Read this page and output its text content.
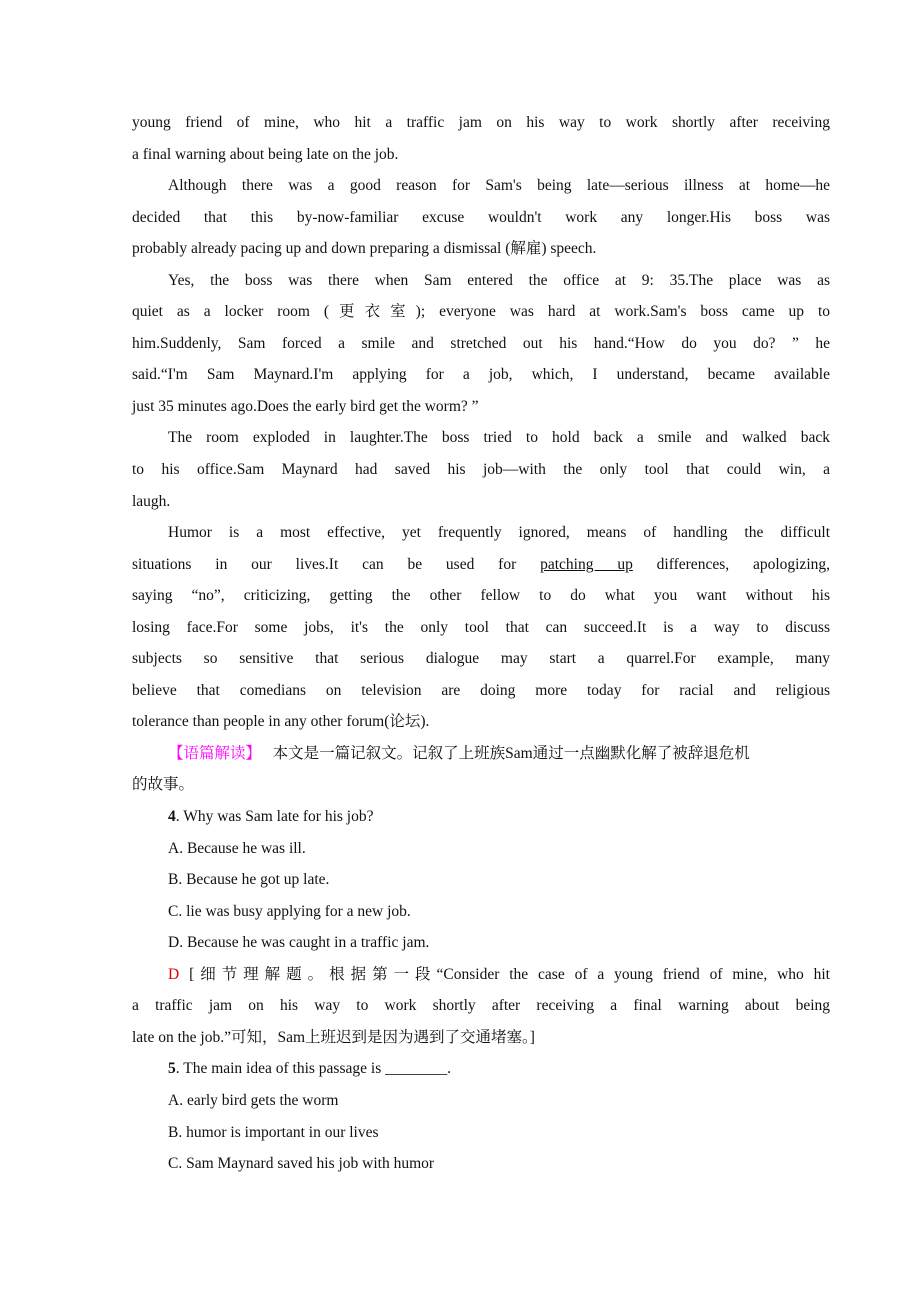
young friend of mine, who hit a traffic jam on his way to work shortly after receiving
a final warning about being late on the job.
Although there was a good reason for Sam's being late—serious illness at home—he
decided that this by-now-familiar excuse wouldn't work any longer.His boss was
probably already pacing up and down preparing a dismissal (解雇) speech.
Yes, the boss was there when Sam entered the office at 9: 35.The place was as
quiet as a locker room (更衣室); everyone was hard at work.Sam's boss came up to
him.Suddenly, Sam forced a smile and stretched out his hand.“How do you do? ” he
said.“I'm Sam Maynard.I'm applying for a job, which, I understand, became available
just 35 minutes ago.Does the early bird get the worm? ”
The room exploded in laughter.The boss tried to hold back a smile and walked back
to his office.Sam Maynard had saved his job—with the only tool that could win, a
laugh.
Humor is a most effective, yet frequently ignored, means of handling the difficult
situations in our lives.It can be used for patching up differences, apologizing,
saying “no”, criticizing, getting the other fellow to do what you want without his
losing face.For some jobs, it's the only tool that can succeed.It is a way to discuss
subjects so sensitive that serious dialogue may start a quarrel.For example, many
believe that comedians on television are doing more today for racial and religious
tolerance than people in any other forum(论坛).
【语篇解读】　 本文是一篇记叙文。记叙了上班族Sam通过一点幽默化解了被辞退危机
的故事。
4. Why was Sam late for his job?
A. Because he was ill.
B. Because he got up late.
C. lie was busy applying for a new job.
D. Because he was caught in a traffic jam.
D [细节理解题。根据第一段“Consider the case of a young friend of mine, who hit
a traffic jam on his way to work shortly after receiving a final warning about being
late on the job.”可知，Sam上班迟到是因为遇到了交通堵塞。]
5. The main idea of this passage is ________.
A. early bird gets the worm
B. humor is important in our lives
C. Sam Maynard saved his job with humor
